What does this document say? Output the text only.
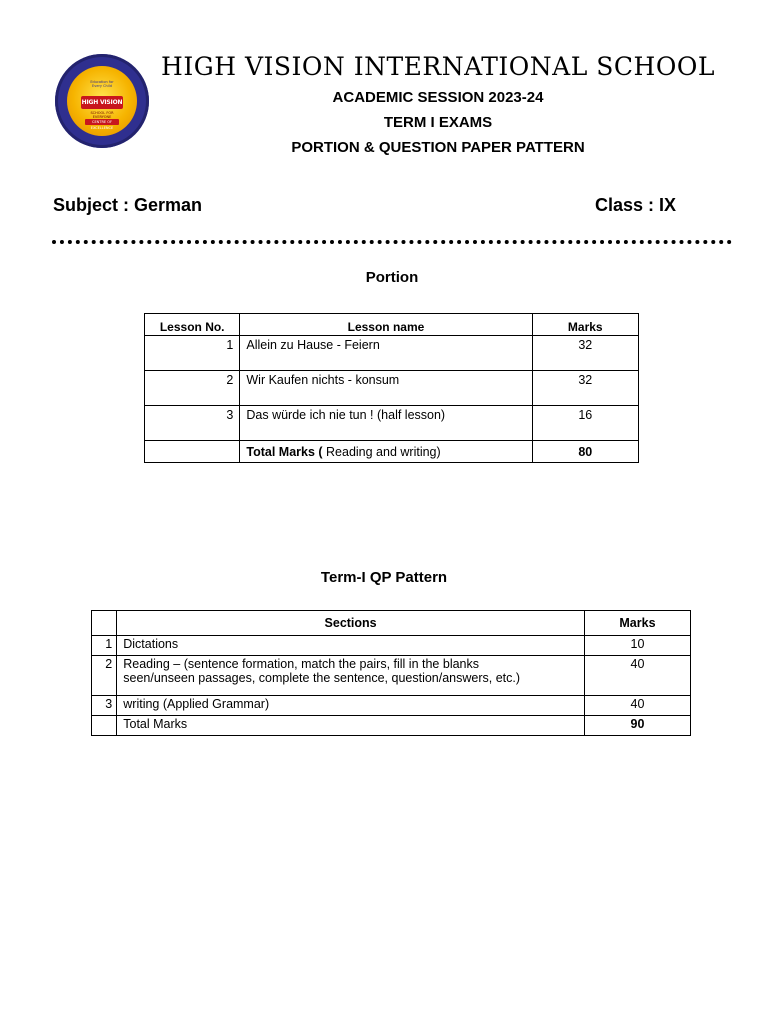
Education for Every Child
HIGH VISION
SCHOOL FOR EVERYONE
CENTRE OF EXCELLENCE
HIGH VISION INTERNATIONAL SCHOOL
ACADEMIC SESSION 2023-24
TERM I EXAMS
PORTION & QUESTION PAPER PATTERN
Subject : German	Class : IX
Portion
Lesson No.	Lesson name	Marks
1	Allein zu Hause - Feiern	32
2	Wir Kaufen nichts - konsum	32
3	Das würde ich nie tun ! (half lesson)	16
	Total Marks ( Reading and writing)	80
Term-I QP Pattern
	Sections	Marks
1	Dictations	10
2	Reading – (sentence formation, match the pairs, fill in the blanks
seen/unseen passages, complete the sentence, question/answers, etc.)	40
3	writing (Applied Grammar)	40
	Total Marks	90
